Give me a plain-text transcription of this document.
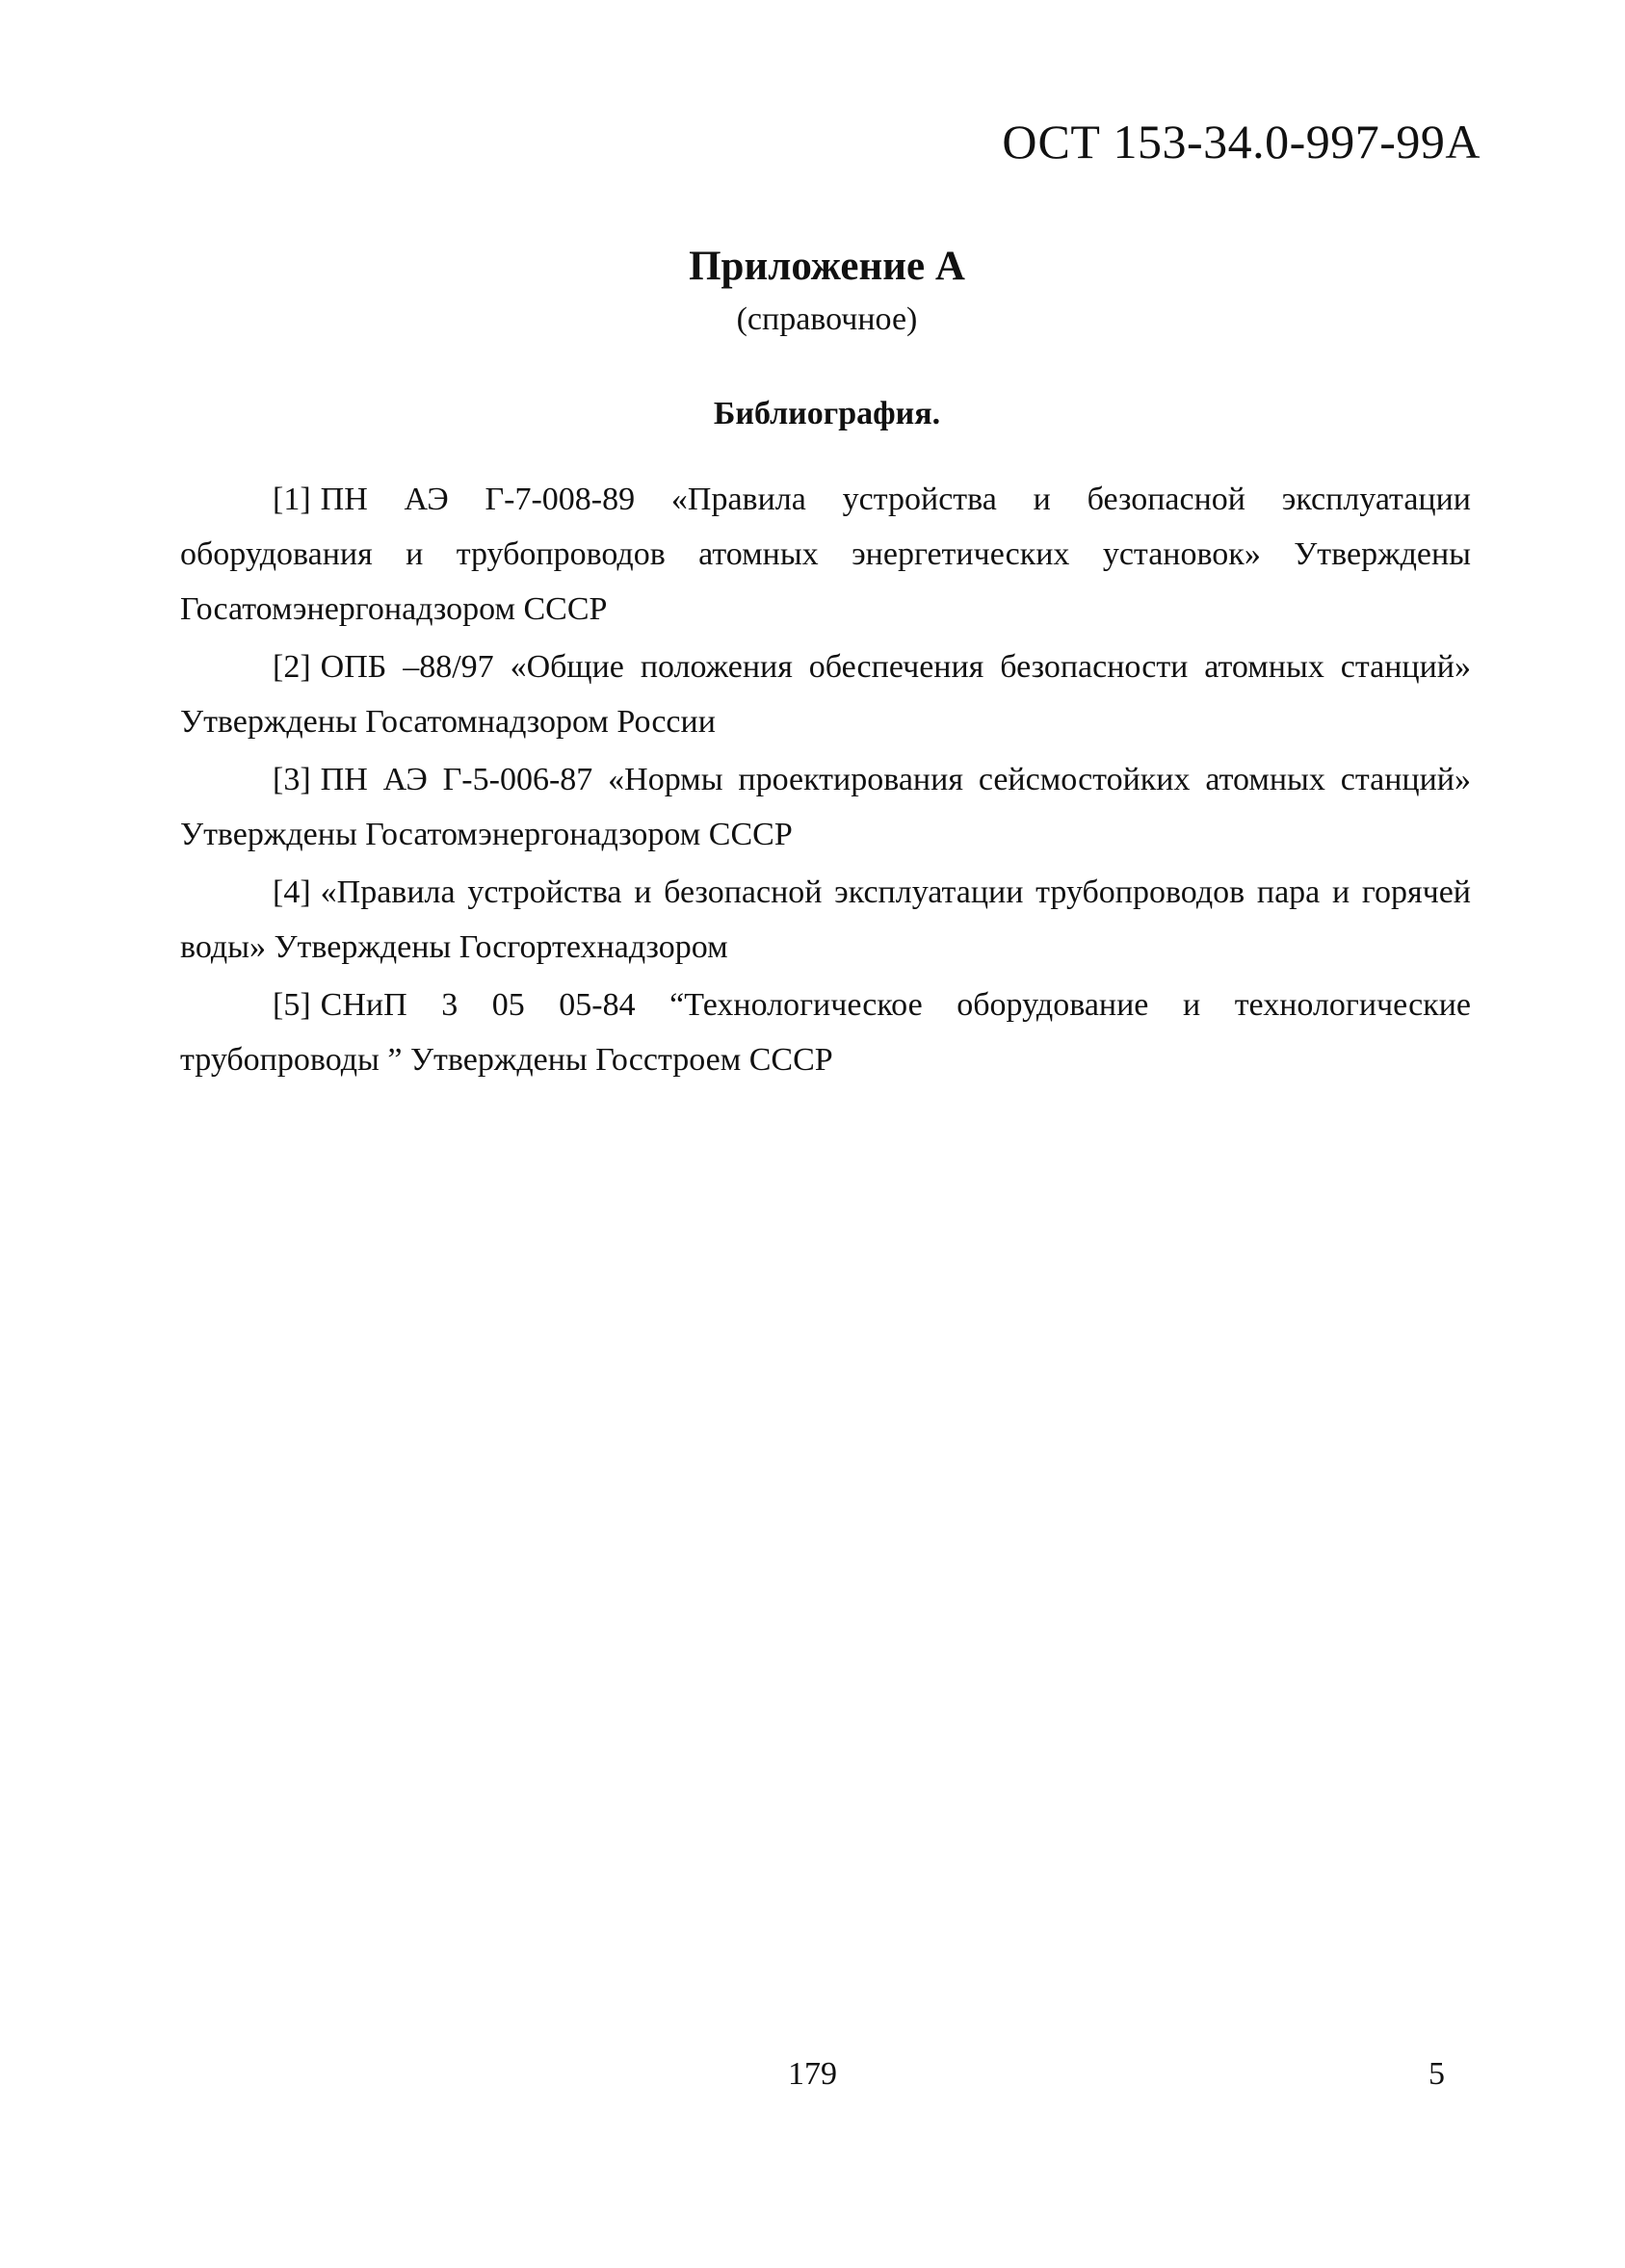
ОСТ 153-34.0-997-99А
Приложение А
(справочное)
Библиография.
[1] ПН АЭ Г-7-008-89 «Правила устройства и безопасной эксплуатации оборудования и трубопроводов атомных энергетических установок» Утверждены Госатомэнергонадзором СССР
[2] ОПБ –88/97 «Общие положения обеспечения безопасности атомных станций» Утверждены Госатомнадзором России
[3] ПН АЭ Г-5-006-87 «Нормы проектирования сейсмостойких атомных станций» Утверждены Госатомэнергонадзором СССР
[4] «Правила устройства и безопасной эксплуатации трубопроводов пара и горячей воды» Утверждены Госгортехнадзором
[5] СНиП 3 05 05-84 “Технологическое оборудование и технологические трубопроводы ” Утверждены Госстроем СССР
179	5
